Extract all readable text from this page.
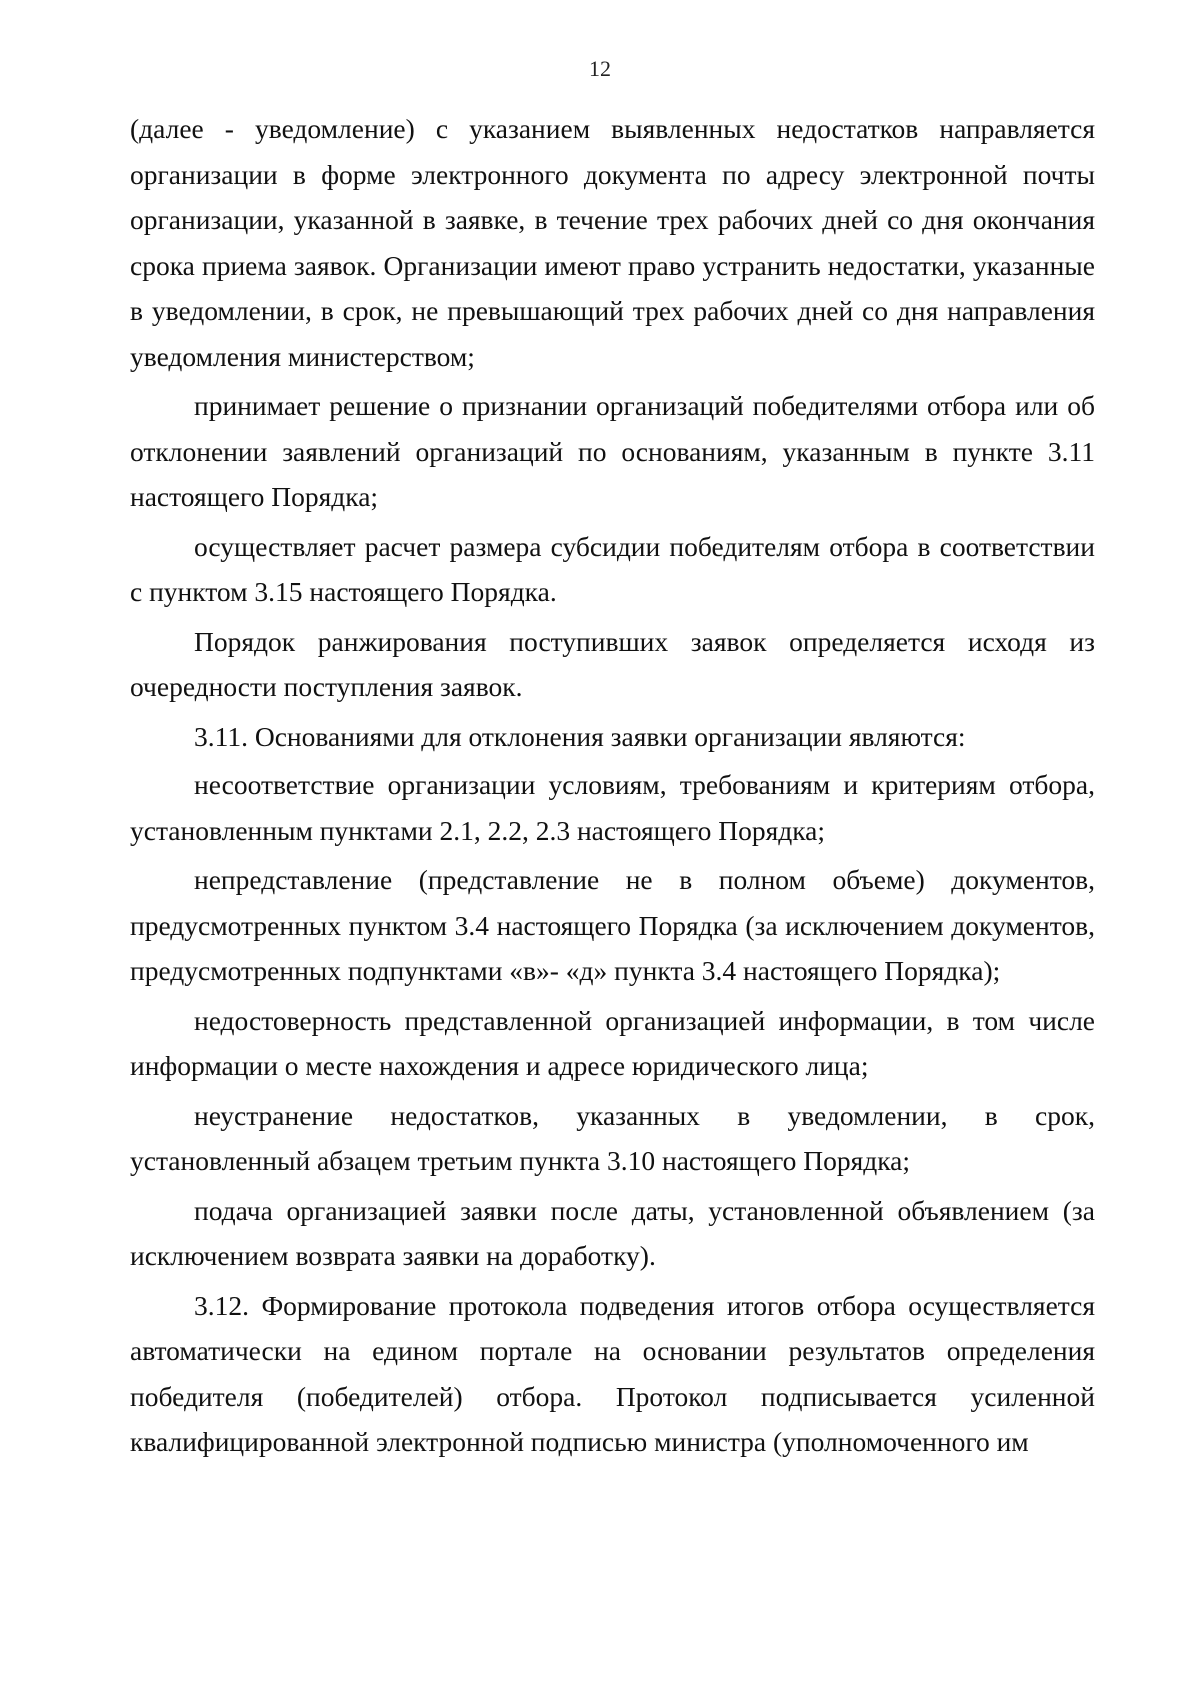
12

(далее - уведомление) с указанием выявленных недостатков направляется организации в форме электронного документа по адресу электронной почты организации, указанной в заявке, в течение трех рабочих дней со дня окончания срока приема заявок. Организации имеют право устранить недостатки, указанные в уведомлении, в срок, не превышающий трех рабочих дней со дня направления уведомления министерством;

принимает решение о признании организаций победителями отбора или об отклонении заявлений организаций по основаниям, указанным в пункте 3.11 настоящего Порядка;

осуществляет расчет размера субсидии победителям отбора в соответствии с пунктом 3.15 настоящего Порядка.

Порядок ранжирования поступивших заявок определяется исходя из очередности поступления заявок.

3.11. Основаниями для отклонения заявки организации являются:

несоответствие организации условиям, требованиям и критериям отбора, установленным пунктами 2.1, 2.2, 2.3 настоящего Порядка;

непредставление (представление не в полном объеме) документов, предусмотренных пунктом 3.4 настоящего Порядка (за исключением документов, предусмотренных подпунктами «в»- «д» пункта 3.4 настоящего Порядка);

недостоверность представленной организацией информации, в том числе информации о месте нахождения и адресе юридического лица;

неустранение недостатков, указанных в уведомлении, в срок, установленный абзацем третьим пункта 3.10 настоящего Порядка;

подача организацией заявки после даты, установленной объявлением (за исключением возврата заявки на доработку).

3.12. Формирование протокола подведения итогов отбора осуществляется автоматически на едином портале на основании результатов определения победителя (победителей) отбора. Протокол подписывается усиленной квалифицированной электронной подписью министра (уполномоченного им
